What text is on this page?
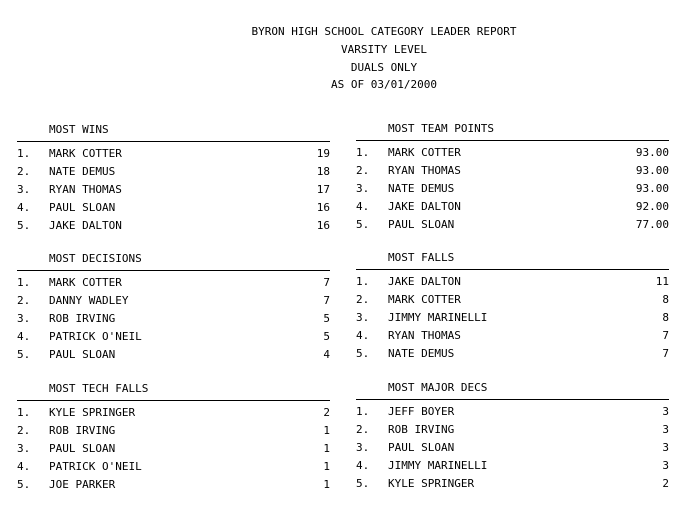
BYRON HIGH SCHOOL CATEGORY LEADER REPORT
VARSITY LEVEL
DUALS ONLY
AS OF 03/01/2000
MOST WINS
1. MARK COTTER	19
2. NATE DEMUS	18
3. RYAN THOMAS	17
4. PAUL SLOAN	16
5. JAKE DALTON	16
MOST TEAM POINTS
1. MARK COTTER	93.00
2. RYAN THOMAS	93.00
3. NATE DEMUS	93.00
4. JAKE DALTON	92.00
5. PAUL SLOAN	77.00
MOST DECISIONS
1. MARK COTTER	7
2. DANNY WADLEY	7
3. ROB IRVING	5
4. PATRICK O'NEIL	5
5. PAUL SLOAN	4
MOST FALLS
1. JAKE DALTON	11
2. MARK COTTER	8
3. JIMMY MARINELLI	8
4. RYAN THOMAS	7
5. NATE DEMUS	7
MOST TECH FALLS
1. KYLE SPRINGER	2
2. ROB IRVING	1
3. PAUL SLOAN	1
4. PATRICK O'NEIL	1
5. JOE PARKER	1
MOST MAJOR DECS
1. JEFF BOYER	3
2. ROB IRVING	3
3. PAUL SLOAN	3
4. JIMMY MARINELLI	3
5. KYLE SPRINGER	2
